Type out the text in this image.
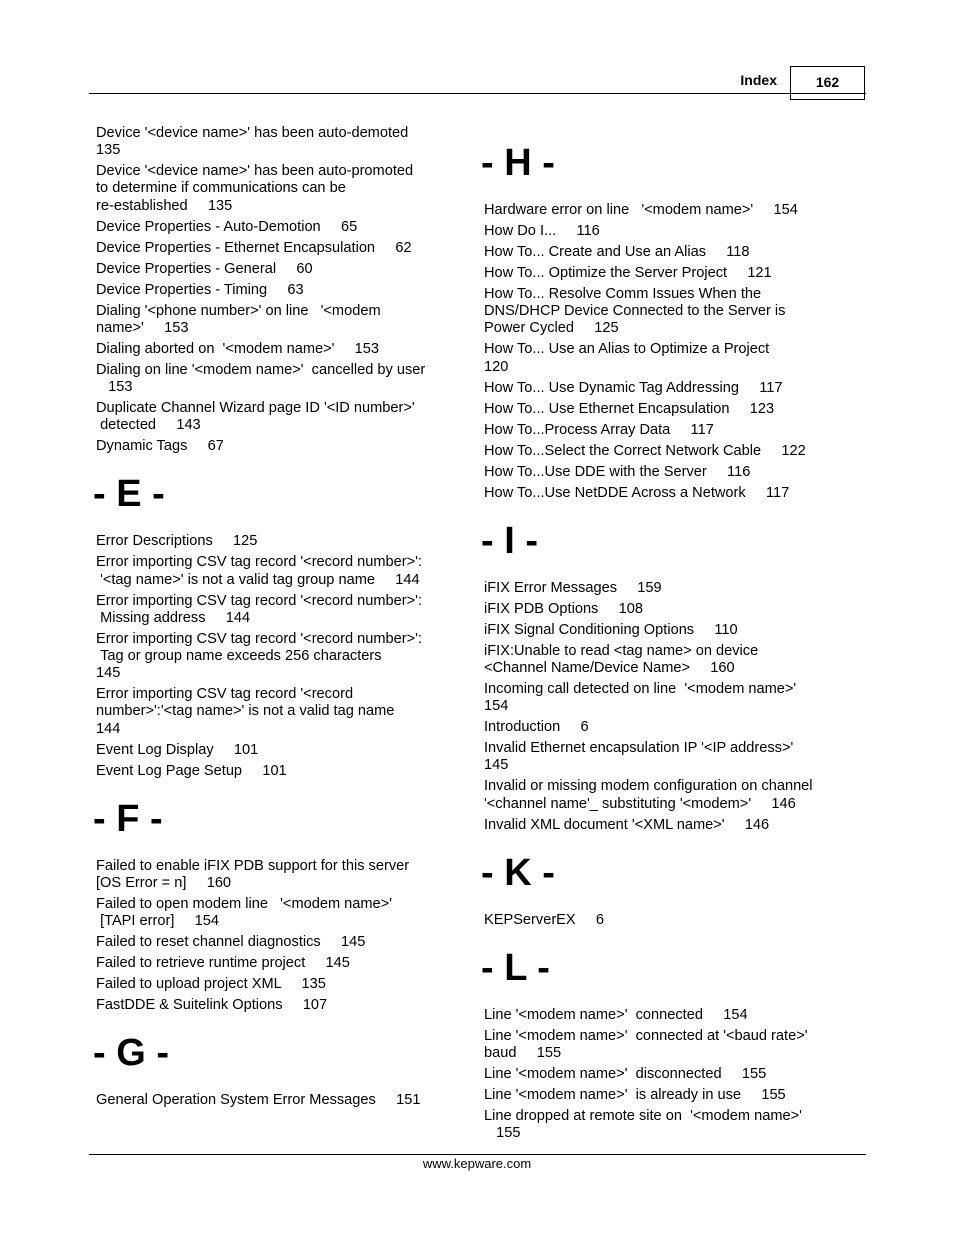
Index	162
Device '<device name>' has been auto-demoted
135
Device '<device name>' has been auto-promoted
to determine if communications can be
re-established     135
Device Properties - Auto-Demotion     65
Device Properties - Ethernet Encapsulation     62
Device Properties - General     60
Device Properties - Timing     63
Dialing '<phone number>' on line   '<modem
name>'     153
Dialing aborted on  '<modem name>'     153
Dialing on line '<modem name>'  cancelled by user
153
Duplicate Channel Wizard page ID '<ID number>'
detected     143
Dynamic Tags     67
- E -
Error Descriptions     125
Error importing CSV tag record '<record number>':
'<tag name>' is not a valid tag group name     144
Error importing CSV tag record '<record number>':
Missing address     144
Error importing CSV tag record '<record number>':
Tag or group name exceeds 256 characters
145
Error importing CSV tag record '<record
number>':'<tag name>' is not a valid tag name
144
Event Log Display     101
Event Log Page Setup     101
- F -
Failed to enable iFIX PDB support for this server
[OS Error = n]     160
Failed to open modem line   '<modem name>'
[TAPI error]     154
Failed to reset channel diagnostics     145
Failed to retrieve runtime project     145
Failed to upload project XML     135
FastDDE & Suitelink Options     107
- G -
General Operation System Error Messages     151
- H -
Hardware error on line   '<modem name>'     154
How Do I...     116
How To... Create and Use an Alias     118
How To... Optimize the Server Project     121
How To... Resolve Comm Issues When the
DNS/DHCP Device Connected to the Server is
Power Cycled     125
How To... Use an Alias to Optimize a Project
120
How To... Use Dynamic Tag Addressing     117
How To... Use Ethernet Encapsulation     123
How To...Process Array Data     117
How To...Select the Correct Network Cable     122
How To...Use DDE with the Server     116
How To...Use NetDDE Across a Network     117
- I -
iFIX Error Messages     159
iFIX PDB Options     108
iFIX Signal Conditioning Options     110
iFIX:Unable to read <tag name> on device
<Channel Name/Device Name>     160
Incoming call detected on line  '<modem name>'
154
Introduction     6
Invalid Ethernet encapsulation IP '<IP address>'
145
Invalid or missing modem configuration on channel
'<channel name'_ substituting '<modem>'     146
Invalid XML document '<XML name>'     146
- K -
KEPServerEX     6
- L -
Line '<modem name>'  connected     154
Line '<modem name>'  connected at '<baud rate>'
baud     155
Line '<modem name>'  disconnected     155
Line '<modem name>'  is already in use     155
Line dropped at remote site on  '<modem name>'
155
www.kepware.com
